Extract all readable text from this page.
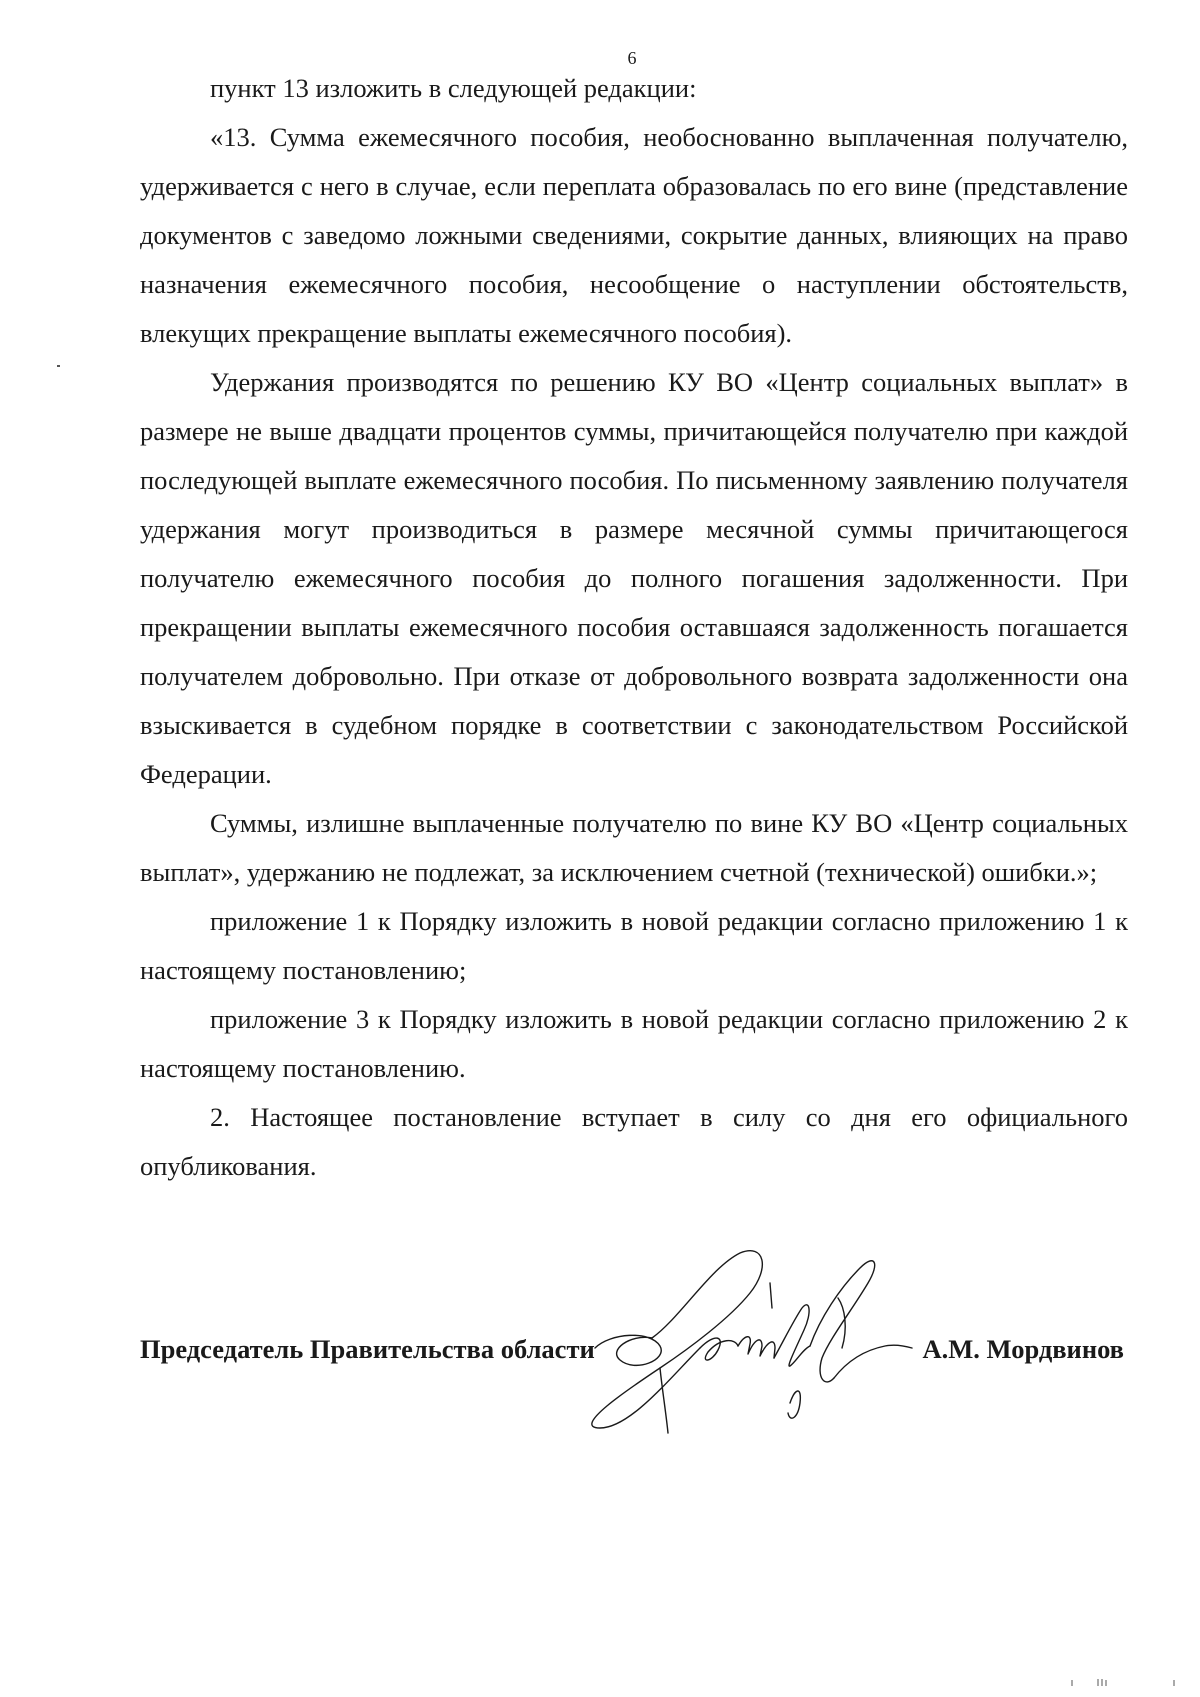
6

пункт 13 изложить в следующей редакции:

«13. Сумма ежемесячного пособия, необоснованно выплаченная получателю, удерживается с него в случае, если переплата образовалась по его вине (представление документов с заведомо ложными сведениями, сокрытие данных, влияющих на право назначения ежемесячного пособия, несообщение о наступлении обстоятельств, влекущих прекращение выплаты ежемесячного пособия).

Удержания производятся по решению КУ ВО «Центр социальных выплат» в размере не выше двадцати процентов суммы, причитающейся получателю при каждой последующей выплате ежемесячного пособия. По письменному заявлению получателя удержания могут производиться в размере месячной суммы причитающегося получателю ежемесячного пособия до полного погашения задолженности. При прекращении выплаты ежемесячного пособия оставшаяся задолженность погашается получателем добровольно. При отказе от добровольного возврата задолженности она взыскивается в судебном порядке в соответствии с законодательством Российской Федерации.

Суммы, излишне выплаченные получателю по вине КУ ВО «Центр социальных выплат», удержанию не подлежат, за исключением счетной (технической) ошибки.»;

приложение 1 к Порядку изложить в новой редакции согласно приложению 1 к настоящему постановлению;

приложение 3 к Порядку изложить в новой редакции согласно приложению 2 к настоящему постановлению.

2. Настоящее постановление вступает в силу со дня его официального опубликования.

Председатель Правительства области	А.М. Мордвинов
